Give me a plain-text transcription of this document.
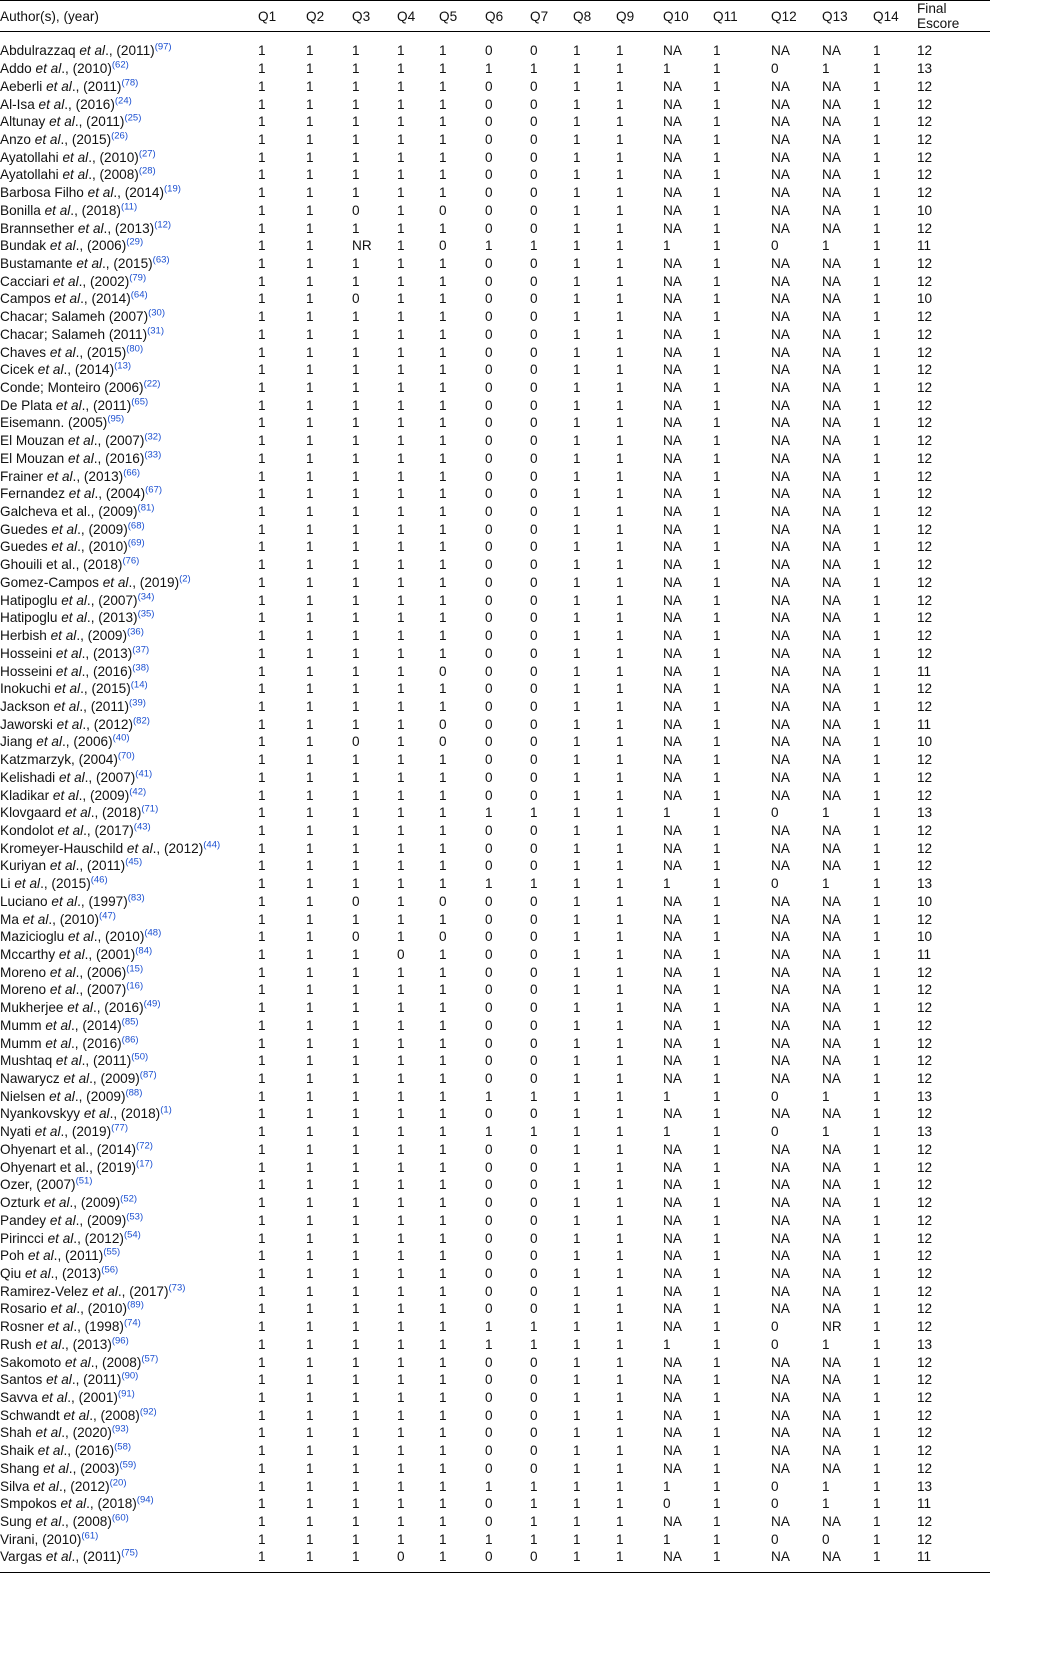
Author(s), (year)	Q1	Q2	Q3	Q4	Q5	Q6	Q7	Q8	Q9	Q10	Q11	Q12	Q13	Q14	Final Escore
Abdulrazzaq et al., (2011)$^{(97)}$	1	1	1	1	1	0	0	1	1	NA	1	NA	NA	1	12
Addo et al., (2010)$^{(62)}$	1	1	1	1	1	1	1	1	1	1	1	0	1	1	13
Aeberli et al., (2011)$^{(78)}$	1	1	1	1	1	0	0	1	1	NA	1	NA	NA	1	12
Al-Isa et al., (2016)$^{(24)}$	1	1	1	1	1	0	0	1	1	NA	1	NA	NA	1	12
Altunay et al., (2011)$^{(25)}$	1	1	1	1	1	0	0	1	1	NA	1	NA	NA	1	12
Anzo et al., (2015)$^{(26)}$	1	1	1	1	1	0	0	1	1	NA	1	NA	NA	1	12
Ayatollahi et al., (2010)$^{(27)}$	1	1	1	1	1	0	0	1	1	NA	1	NA	NA	1	12
Ayatollahi et al., (2008)$^{(28)}$	1	1	1	1	1	0	0	1	1	NA	1	NA	NA	1	12
Barbosa Filho et al., (2014)$^{(19)}$	1	1	1	1	1	0	0	1	1	NA	1	NA	NA	1	12
Bonilla et al., (2018)$^{(11)}$	1	1	0	1	0	0	0	1	1	NA	1	NA	NA	1	10
Brannsether et al., (2013)$^{(12)}$	1	1	1	1	1	0	0	1	1	NA	1	NA	NA	1	12
Bundak et al., (2006)$^{(29)}$	1	1	NR	1	0	1	1	1	1	1	1	0	1	1	11
Bustamante et al., (2015)$^{(63)}$	1	1	1	1	1	0	0	1	1	NA	1	NA	NA	1	12
Cacciari et al., (2002)$^{(79)}$	1	1	1	1	1	0	0	1	1	NA	1	NA	NA	1	12
Campos et al., (2014)$^{(64)}$	1	1	0	1	1	0	0	1	1	NA	1	NA	NA	1	10
Chacar; Salameh (2007)$^{(30)}$	1	1	1	1	1	0	0	1	1	NA	1	NA	NA	1	12
Chacar; Salameh (2011)$^{(31)}$	1	1	1	1	1	0	0	1	1	NA	1	NA	NA	1	12
Chaves et al., (2015)$^{(80)}$	1	1	1	1	1	0	0	1	1	NA	1	NA	NA	1	12
Cicek et al., (2014)$^{(13)}$	1	1	1	1	1	0	0	1	1	NA	1	NA	NA	1	12
Conde; Monteiro (2006)$^{(22)}$	1	1	1	1	1	0	0	1	1	NA	1	NA	NA	1	12
De Plata et al., (2011)$^{(65)}$	1	1	1	1	1	0	0	1	1	NA	1	NA	NA	1	12
Eisemann. (2005)$^{(95)}$	1	1	1	1	1	0	0	1	1	NA	1	NA	NA	1	12
El Mouzan et al., (2007)$^{(32)}$	1	1	1	1	1	0	0	1	1	NA	1	NA	NA	1	12
El Mouzan et al., (2016)$^{(33)}$	1	1	1	1	1	0	0	1	1	NA	1	NA	NA	1	12
Frainer et al., (2013)$^{(66)}$	1	1	1	1	1	0	0	1	1	NA	1	NA	NA	1	12
Fernandez et al., (2004)$^{(67)}$	1	1	1	1	1	0	0	1	1	NA	1	NA	NA	1	12
Galcheva et al., (2009)$^{(81)}$	1	1	1	1	1	0	0	1	1	NA	1	NA	NA	1	12
Guedes et al., (2009)$^{(68)}$	1	1	1	1	1	0	0	1	1	NA	1	NA	NA	1	12
Guedes et al., (2010)$^{(69)}$	1	1	1	1	1	0	0	1	1	NA	1	NA	NA	1	12
Ghouili et al., (2018)$^{(76)}$	1	1	1	1	1	0	0	1	1	NA	1	NA	NA	1	12
Gomez-Campos et al., (2019)$^{(2)}$	1	1	1	1	1	0	0	1	1	NA	1	NA	NA	1	12
Hatipoglu et al., (2007)$^{(34)}$	1	1	1	1	1	0	0	1	1	NA	1	NA	NA	1	12
Hatipoglu et al., (2013)$^{(35)}$	1	1	1	1	1	0	0	1	1	NA	1	NA	NA	1	12
Herbish et al., (2009)$^{(36)}$	1	1	1	1	1	0	0	1	1	NA	1	NA	NA	1	12
Hosseini et al., (2013)$^{(37)}$	1	1	1	1	1	0	0	1	1	NA	1	NA	NA	1	12
Hosseini et al., (2016)$^{(38)}$	1	1	1	1	0	0	0	1	1	NA	1	NA	NA	1	11
Inokuchi et al., (2015)$^{(14)}$	1	1	1	1	1	0	0	1	1	NA	1	NA	NA	1	12
Jackson et al., (2011)$^{(39)}$	1	1	1	1	1	0	0	1	1	NA	1	NA	NA	1	12
Jaworski et al., (2012)$^{(82)}$	1	1	1	1	0	0	0	1	1	NA	1	NA	NA	1	11
Jiang et al., (2006)$^{(40)}$	1	1	0	1	0	0	0	1	1	NA	1	NA	NA	1	10
Katzmarzyk, (2004)$^{(70)}$	1	1	1	1	1	0	0	1	1	NA	1	NA	NA	1	12
Kelishadi et al., (2007)$^{(41)}$	1	1	1	1	1	0	0	1	1	NA	1	NA	NA	1	12
Kladikar et al., (2009)$^{(42)}$	1	1	1	1	1	0	0	1	1	NA	1	NA	NA	1	12
Klovgaard et al., (2018)$^{(71)}$	1	1	1	1	1	1	1	1	1	1	1	0	1	1	13
Kondolot et al., (2017)$^{(43)}$	1	1	1	1	1	0	0	1	1	NA	1	NA	NA	1	12
Kromeyer-Hauschild et al., (2012)$^{(44)}$	1	1	1	1	1	0	0	1	1	NA	1	NA	NA	1	12
Kuriyan et al., (2011)$^{(45)}$	1	1	1	1	1	0	0	1	1	NA	1	NA	NA	1	12
Li et al., (2015)$^{(46)}$	1	1	1	1	1	1	1	1	1	1	1	0	1	1	13
Luciano et al., (1997)$^{(83)}$	1	1	0	1	0	0	0	1	1	NA	1	NA	NA	1	10
Ma et al., (2010)$^{(47)}$	1	1	1	1	1	0	0	1	1	NA	1	NA	NA	1	12
Mazicioglu et al., (2010)$^{(48)}$	1	1	0	1	0	0	0	1	1	NA	1	NA	NA	1	10
Mccarthy et al., (2001)$^{(84)}$	1	1	1	0	1	0	0	1	1	NA	1	NA	NA	1	11
Moreno et al., (2006)$^{(15)}$	1	1	1	1	1	0	0	1	1	NA	1	NA	NA	1	12
Moreno et al., (2007)$^{(16)}$	1	1	1	1	1	0	0	1	1	NA	1	NA	NA	1	12
Mukherjee et al., (2016)$^{(49)}$	1	1	1	1	1	0	0	1	1	NA	1	NA	NA	1	12
Mumm et al., (2014)$^{(85)}$	1	1	1	1	1	0	0	1	1	NA	1	NA	NA	1	12
Mumm et al., (2016)$^{(86)}$	1	1	1	1	1	0	0	1	1	NA	1	NA	NA	1	12
Mushtaq et al., (2011)$^{(50)}$	1	1	1	1	1	0	0	1	1	NA	1	NA	NA	1	12
Nawarycz et al., (2009)$^{(87)}$	1	1	1	1	1	0	0	1	1	NA	1	NA	NA	1	12
Nielsen et al., (2009)$^{(88)}$	1	1	1	1	1	1	1	1	1	1	1	0	1	1	13
Nyankovskyy et al., (2018)$^{(1)}$	1	1	1	1	1	0	0	1	1	NA	1	NA	NA	1	12
Nyati et al., (2019)$^{(77)}$	1	1	1	1	1	1	1	1	1	1	1	0	1	1	13
Ohyenart et al., (2014)$^{(72)}$	1	1	1	1	1	0	0	1	1	NA	1	NA	NA	1	12
Ohyenart et al., (2019)$^{(17)}$	1	1	1	1	1	0	0	1	1	NA	1	NA	NA	1	12
Ozer, (2007)$^{(51)}$	1	1	1	1	1	0	0	1	1	NA	1	NA	NA	1	12
Ozturk et al., (2009)$^{(52)}$	1	1	1	1	1	0	0	1	1	NA	1	NA	NA	1	12
Pandey et al., (2009)$^{(53)}$	1	1	1	1	1	0	0	1	1	NA	1	NA	NA	1	12
Pirincci et al., (2012)$^{(54)}$	1	1	1	1	1	0	0	1	1	NA	1	NA	NA	1	12
Poh et al., (2011)$^{(55)}$	1	1	1	1	1	0	0	1	1	NA	1	NA	NA	1	12
Qiu et al., (2013)$^{(56)}$	1	1	1	1	1	0	0	1	1	NA	1	NA	NA	1	12
Ramirez-Velez et al., (2017)$^{(73)}$	1	1	1	1	1	0	0	1	1	NA	1	NA	NA	1	12
Rosario et al., (2010)$^{(89)}$	1	1	1	1	1	0	0	1	1	NA	1	NA	NA	1	12
Rosner et al., (1998)$^{(74)}$	1	1	1	1	1	1	1	1	1	NA	1	0	NR	1	12
Rush et al., (2013)$^{(96)}$	1	1	1	1	1	1	1	1	1	1	1	0	1	1	13
Sakomoto et al., (2008)$^{(57)}$	1	1	1	1	1	0	0	1	1	NA	1	NA	NA	1	12
Santos et al., (2011)$^{(90)}$	1	1	1	1	1	0	0	1	1	NA	1	NA	NA	1	12
Savva et al., (2001)$^{(91)}$	1	1	1	1	1	0	0	1	1	NA	1	NA	NA	1	12
Schwandt et al., (2008)$^{(92)}$	1	1	1	1	1	0	0	1	1	NA	1	NA	NA	1	12
Shah et al., (2020)$^{(93)}$	1	1	1	1	1	0	0	1	1	NA	1	NA	NA	1	12
Shaik et al., (2016)$^{(58)}$	1	1	1	1	1	0	0	1	1	NA	1	NA	NA	1	12
Shang et al., (2003)$^{(59)}$	1	1	1	1	1	0	0	1	1	NA	1	NA	NA	1	12
Silva et al., (2012)$^{(20)}$	1	1	1	1	1	1	1	1	1	1	1	0	1	1	13
Smpokos et al., (2018)$^{(94)}$	1	1	1	1	1	0	1	1	1	0	1	0	1	1	11
Sung et al., (2008)$^{(60)}$	1	1	1	1	1	0	1	1	1	NA	1	NA	NA	1	12
Virani, (2010)$^{(61)}$	1	1	1	1	1	1	1	1	1	1	1	0	0	1	12
Vargas et al., (2011)$^{(75)}$	1	1	1	0	1	0	0	1	1	NA	1	NA	NA	1	11
